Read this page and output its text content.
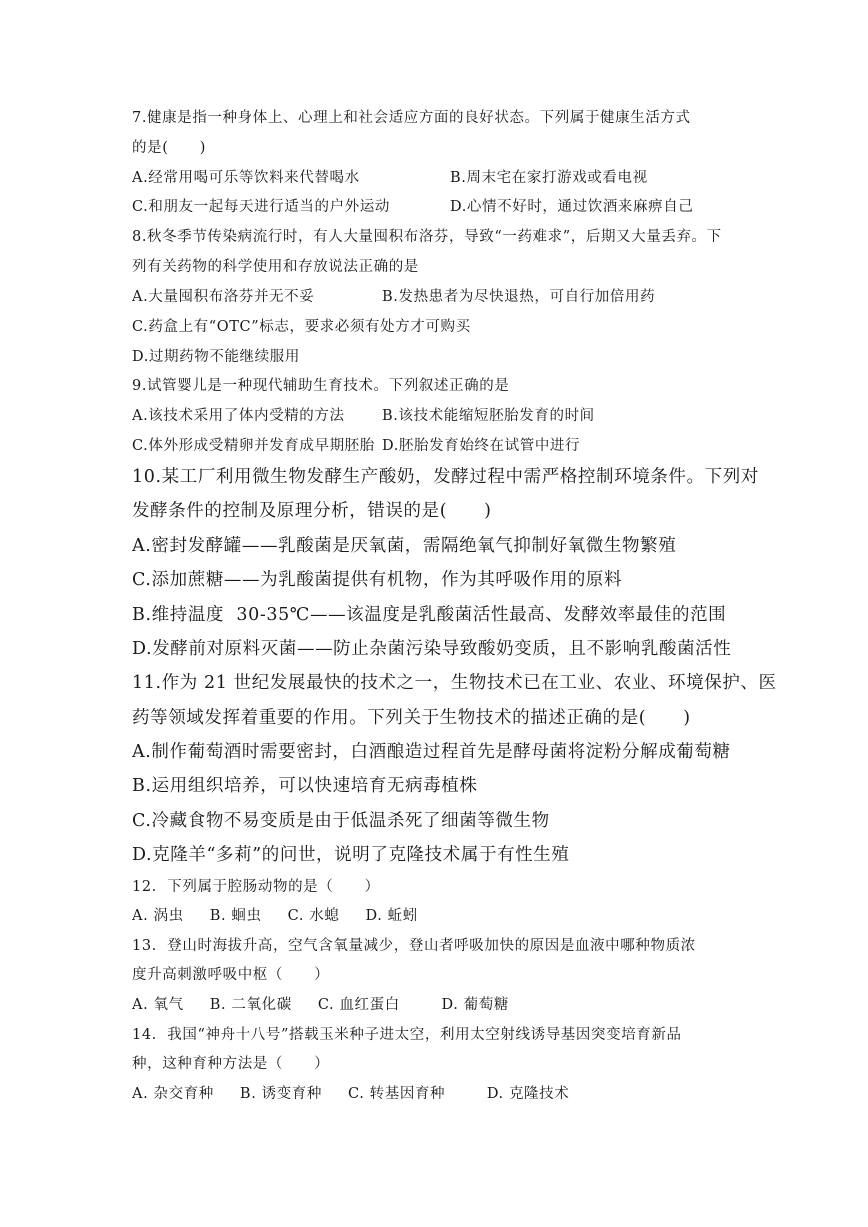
7.健康是指一种身体上、心理上和社会适应方面的良好状态。下列属于健康生活方式
的是(      )
A.经常用喝可乐等饮料来代替喝水	B.周末宅在家打游戏或看电视
C.和朋友一起每天进行适当的户外运动	D.心情不好时，通过饮酒来麻痹自己
8.秋冬季节传染病流行时，有人大量囤积布洛芬，导致“一药难求”，后期又大量丢弃。下
列有关药物的科学使用和存放说法正确的是
A.大量囤积布洛芬并无不妥	B.发热患者为尽快退热，可自行加倍用药
C.药盒上有“OTC”标志，要求必须有处方才可购买
D.过期药物不能继续服用
9.试管婴儿是一种现代辅助生育技术。下列叙述正确的是
A.该技术采用了体内受精的方法	B.该技术能缩短胚胎发育的时间
C.体外形成受精卵并发育成早期胚胎 D.胚胎发育始终在试管中进行
10.某工厂利用微生物发酵生产酸奶，发酵过程中需严格控制环境条件。下列对
发酵条件的控制及原理分析，错误的是(      )
A.密封发酵罐——乳酸菌是厌氧菌，需隔绝氧气抑制好氧微生物繁殖
C.添加蔗糖——为乳酸菌提供有机物，作为其呼吸作用的原料
B.维持温度  30-35℃——该温度是乳酸菌活性最高、发酵效率最佳的范围
D.发酵前对原料灭菌——防止杂菌污染导致酸奶变质，且不影响乳酸菌活性
11.作为 21 世纪发展最快的技术之一，生物技术已在工业、农业、环境保护、医
药等领域发挥着重要的作用。下列关于生物技术的描述正确的是(      )
A.制作葡萄酒时需要密封，白酒酿造过程首先是酵母菌将淀粉分解成葡萄糖
B.运用组织培养，可以快速培育无病毒植株
C.冷藏食物不易变质是由于低温杀死了细菌等微生物
D.克隆羊“多莉”的问世，说明了克隆技术属于有性生殖
12.  下列属于腔肠动物的是（      ）
A. 涡虫     B. 蛔虫     C. 水螅     D. 蚯蚓
13.  登山时海拔升高，空气含氧量减少，登山者呼吸加快的原因是血液中哪种物质浓
度升高刺激呼吸中枢（      ）
A. 氧气     B. 二氧化碳     C. 血红蛋白        D. 葡萄糖
14.  我国“神舟十八号”搭载玉米种子进太空，利用太空射线诱导基因突变培育新品
种，这种育种方法是（      ）
A. 杂交育种     B. 诱变育种     C. 转基因育种        D. 克隆技术
